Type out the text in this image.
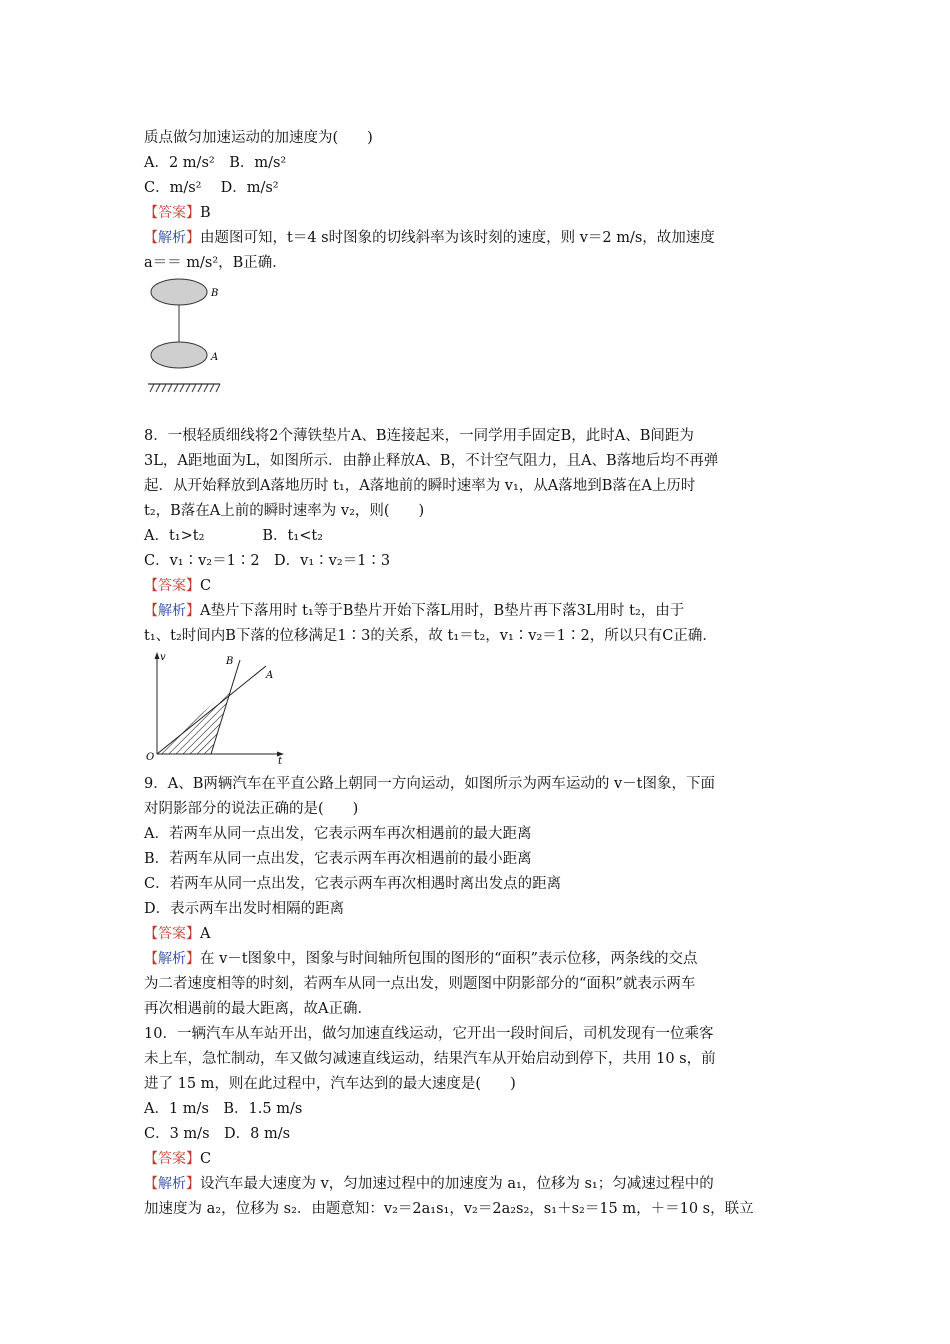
质点做匀加速运动的加速度为(　　)
A．2 m/s²　B．m/s²
C．m/s²　 D．m/s²
【答案】B
【解析】由题图可知，t＝4 s时图象的切线斜率为该时刻的速度，则 v＝2 m/s，故加速度
a＝＝ m/s²，B正确．
B
A
8．一根轻质细线将2个薄铁垫片A、B连接起来，一同学用手固定B，此时A、B间距为
3L，A距地面为L，如图所示．由静止释放A、B，不计空气阻力，且A、B落地后均不再弹
起．从开始释放到A落地历时 t₁，A落地前的瞬时速率为 v₁，从A落地到B落在A上历时
t₂，B落在A上前的瞬时速率为 v₂，则(　　)
A．t₁>t₂　　　　B．t₁<t₂
C．v₁∶v₂＝1∶2　D．v₁∶v₂＝1∶3
【答案】C
【解析】A垫片下落用时 t₁等于B垫片开始下落L用时，B垫片再下落3L用时 t₂，由于
t₁、t₂时间内B下落的位移满足1∶3的关系，故 t₁＝t₂，v₁∶v₂＝1∶2，所以只有C正确．
v
t
O
B
A
9．A、B两辆汽车在平直公路上朝同一方向运动，如图所示为两车运动的 v－t图象，下面
对阴影部分的说法正确的是(　　)
A．若两车从同一点出发，它表示两车再次相遇前的最大距离
B．若两车从同一点出发，它表示两车再次相遇前的最小距离
C．若两车从同一点出发，它表示两车再次相遇时离出发点的距离
D．表示两车出发时相隔的距离
【答案】A
【解析】在 v－t图象中，图象与时间轴所包围的图形的“面积”表示位移，两条线的交点
为二者速度相等的时刻，若两车从同一点出发，则题图中阴影部分的“面积”就表示两车
再次相遇前的最大距离，故A正确．
10．一辆汽车从车站开出，做匀加速直线运动，它开出一段时间后，司机发现有一位乘客
未上车，急忙制动，车又做匀减速直线运动，结果汽车从开始启动到停下，共用 10 s，前
进了 15 m，则在此过程中，汽车达到的最大速度是(　　)
A．1 m/s　B．1.5 m/s
C．3 m/s　D．8 m/s
【答案】C
【解析】设汽车最大速度为 v，匀加速过程中的加速度为 a₁，位移为 s₁；匀减速过程中的
加速度为 a₂，位移为 s₂．由题意知：v₂＝2a₁s₁，v₂＝2a₂s₂，s₁＋s₂＝15 m，＋＝10 s，联立
